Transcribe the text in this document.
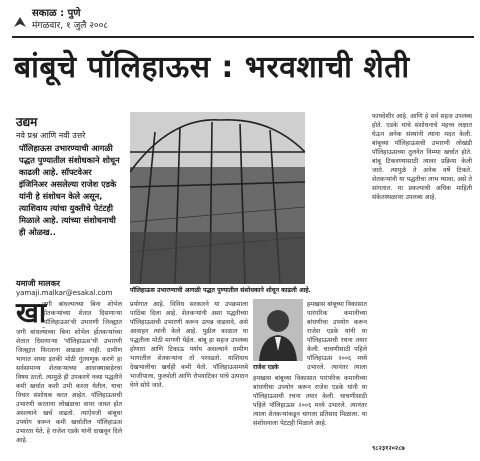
सकाळ : पुणे
मंगळवार, १ जुलै २००८
बांबूचे पॉलिहाऊस : भरवशाची शेती
उद्यम
नवे प्रश्न आणि नवी उत्तरे
पॉलिहाऊस उभारण्याची आगळी पद्धत पुण्यातील संशोधकाने शोधून काढली आहे. सॉफ्टवेअर इंजिनिअर असलेल्या राजेश एडके यांनी हे संशोधन केले असून, त्याशिवाय त्यांचा युक्तीचे पेटंटही मिळाले आहे. त्यांच्या संशोधनाची ही ओळख..
यमाजी मालकर
yamaji.malkar@esakal.com	पॉलिहाऊस उभारण्याची आगळी पद्धत पुण्यातील संशोधकाने शोधून काढली आहे.
खा
जगी बांधल्याच्या बिना शोभेल होतकऱ्यांच्या शेतात दिसणाऱ्या 'पॉलिहाऊस'ची उभारणी जिल्ह्यात
जगी बांधल्याच्या बिना शोभेल होतकऱ्यांच्या शेतात दिसणाऱ्या 'पॉलिहाऊस'ची उभारणी जिल्ह्यात फिरताना आढळत नाही. ग्रामीण भागात सध्या इतकी मोठी गुंतवणूक करणे हा सर्वसामान्य शेतकऱ्याच्या आवाक्याबाहेरचा विषय ठरतो. त्यामुळे ही उपकरणे नव्या पद्धतीने कमी खर्चात कशी उभी करता येतील, याचा विचार संशोधक करत आहेत. पॉलिहाऊसची उभारणी करताना लोखंडाचा वापर जास्त होत असल्याने खर्च वाढतो. त्याऐवजी बांबूचा उपयोग करून कमी खर्चातील पॉलिहाऊस उभारता येते, हे राजेश एडके यांनी दाखवून दिले आहे.
प्रयोगात आहे. विविध सरकारने या उपक्रमाला पाठिंबा दिला आहे. शेतकऱ्यांनी अशा पद्धतीच्या पॉलिहाऊसची उभारणी करून उत्पन्न वाढवावे, असे आवाहन त्यांनी केले आहे. पुढील काळात या पद्धतीला मोठी मागणी येईल. बांबू हा सहज उपलब्ध होणारा आणि टिकाऊ पर्याय असल्याने ग्रामीण भागातील शेतकऱ्यांना तो परवडतो. याशिवाय देखभालीचा खर्चही कमी येतो. पॉलिहाऊसमध्ये भाजीपाला, फुलशेती आणि रोपवाटिका यांचे उत्पादन घेणे सोपे जाते.
राजेश एडके
हमखास बांबूच्या विकासात पारंपरिक कमानीच्या बांधणीचा उपयोग करून राजेश एडके यांनी या पॉलिहाऊसची रचना तयार केली. चाचणीसाठी पहिले पॉलिहाऊस २००६ मध्ये उभारले. त्यानंतर त्याला
हमखास बांबूच्या विकासात पारंपरिक कमानीच्या बांधणीचा उपयोग करून राजेश एडके यांनी या पॉलिहाऊसची रचना तयार केली. चाचणीसाठी पहिले पॉलिहाऊस २००६ मध्ये उभारले. त्यानंतर त्याला शेतकऱ्यांकडून चांगला प्रतिसाद मिळाला. या संशोधनाला पेटंटही मिळाले आहे.
फायदेशीर आहे. आणि हे सर्व सहज उपलब्ध होते. एडके यांचे संशोधनाचे महत्त्व लक्षात घेऊन अनेक संस्थांनी त्यांना मदत केली. बांबूच्या पॉलिहाऊसची उभारणी लोखंडी पॉलिहाऊसच्या तुलनेत निम्म्या खर्चात होते. बांबू टिकवण्यासाठी त्यावर प्रक्रिया केली जाते. त्यामुळे ते अनेक वर्षे टिकते. शेतकऱ्यांनी या पद्धतीचा लाभ घ्यावा, असे ते सांगतात. या प्रकल्पाची अधिक माहिती संकेतस्थळावर उपलब्ध आहे.
९८२३१२०२८७
